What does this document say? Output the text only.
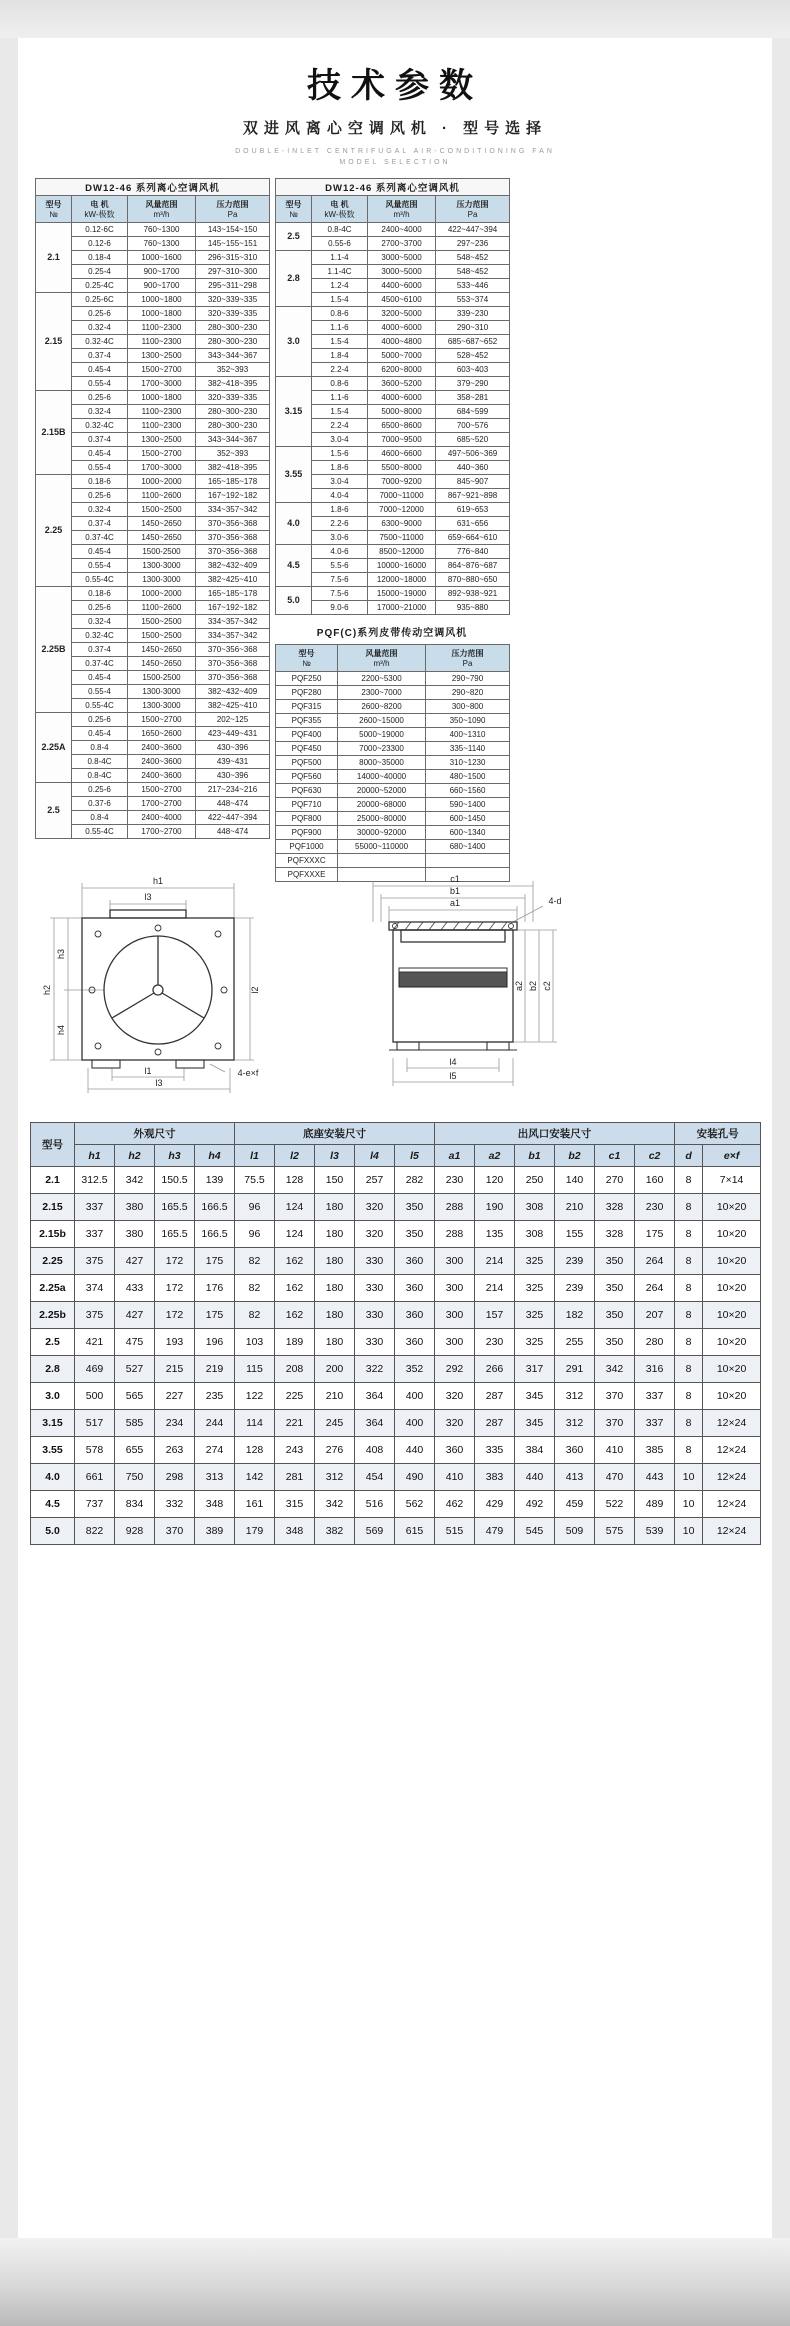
技术参数
双进风离心空调风机 · 型号选择
DOUBLE-INLET CENTRIFUGAL AIR-CONDITIONING FAN
MODEL SELECTION
DW12-46 系列离心空调风机			

型号
№

电 机
kW-极数

风量范围
m³/h

压力范围
Pa

2.1	0.12-6C	760~1300	143~154~150
	0.12-6	760~1300	145~155~151
	0.18-4	1000~1600	296~315~310
	0.25-4	900~1700	297~310~300
	0.25-4C	900~1700	295~311~298
2.15	0.25-6C	1000~1800	320~339~335
	0.25-6	1000~1800	320~339~335
	0.32-4	1100~2300	280~300~230
	0.32-4C	1100~2300	280~300~230
	0.37-4	1300~2500	343~344~367
	0.45-4	1500~2700	352~393
	0.55-4	1700~3000	382~418~395
2.15B	0.25-6	1000~1800	320~339~335
	0.32-4	1100~2300	280~300~230
	0.32-4C	1100~2300	280~300~230
	0.37-4	1300~2500	343~344~367
	0.45-4	1500~2700	352~393
	0.55-4	1700~3000	382~418~395
2.25	0.18-6	1000~2000	165~185~178
	0.25-6	1100~2600	167~192~182
	0.32-4	1500~2500	334~357~342
	0.37-4	1450~2650	370~356~368
	0.37-4C	1450~2650	370~356~368
	0.45-4	1500-2500	370~356~368
	0.55-4	1300-3000	382~432~409
	0.55-4C	1300-3000	382~425~410
2.25B	0.18-6	1000~2000	165~185~178
	0.25-6	1100~2600	167~192~182
	0.32-4	1500~2500	334~357~342
	0.32-4C	1500~2500	334~357~342
	0.37-4	1450~2650	370~356~368
	0.37-4C	1450~2650	370~356~368
	0.45-4	1500-2500	370~356~368
	0.55-4	1300-3000	382~432~409
	0.55-4C	1300-3000	382~425~410
2.25A	0.25-6	1500~2700	202~125
	0.45-4	1650~2600	423~449~431
	0.8-4	2400~3600	430~396
	0.8-4C	2400~3600	439~431
	0.8-4C	2400~3600	430~396
2.5	0.25-6	1500~2700	217~234~216
	0.37-6	1700~2700	448~474
	0.8-4	2400~4000	422~447~394
	0.55-4C	1700~2700	448~474
DW12-46 系列离心空调风机			

型号
№

电 机
kW-极数

风量范围
m³/h

压力范围
Pa

2.5	0.8-4C	2400~4000	422~447~394
	0.55-6	2700~3700	297~236
2.8	1.1-4	3000~5000	548~452
	1.1-4C	3000~5000	548~452
	1.2-4	4400~6000	533~446
	1.5-4	4500~6100	553~374
3.0	0.8-6	3200~5000	339~230
	1.1-6	4000~6000	290~310
	1.5-4	4000~4800	685~687~652
	1.8-4	5000~7000	528~452
	2.2-4	6200~8000	603~403
3.15	0.8-6	3600~5200	379~290
	1.1-6	4000~6000	358~281
	1.5-4	5000~8000	684~599
	2.2-4	6500~8600	700~576
	3.0-4	7000~9500	685~520
3.55	1.5-6	4600~6600	497~506~369
	1.8-6	5500~8000	440~360
	3.0-4	7000~9200	845~907
	4.0-4	7000~11000	867~921~898
4.0	1.8-6	7000~12000	619~653
	2.2-6	6300~9000	631~656
	3.0-6	7500~11000	659~664~610
4.5	4.0-6	8500~12000	776~840
	5.5-6	10000~16000	864~876~687
	7.5-6	12000~18000	870~880~650
5.0	7.5-6	15000~19000	892~938~921
	9.0-6	17000~21000	935~880
PQF(C)系列皮带传动空调风机
型号
№

风量范围
m³/h

压力范围
Pa

PQF250	2200~5300	290~790
PQF280	2300~7000	290~820
PQF315	2600~8200	300~800
PQF355	2600~15000	350~1090
PQF400	5000~19000	400~1310
PQF450	7000~23300	335~1140
PQF500	8000~35000	310~1230
PQF560	14000~40000	480~1500
PQF630	20000~52000	660~1560
PQF710	20000~68000	590~1400
PQF800	25000~80000	600~1450
PQF900	30000~92000	600~1340
PQF1000	55000~110000	680~1400
PQFXXXC		
PQFXXXE		
h1
l3
h2
h3
h4
l2
l1
l3
4-e×f
c1
b1
a1	4-d
a2 b2 c2
l4
l5
型号	外观尺寸				底座安装尺寸					出风口安装尺寸						安装孔号	
	h1	h2	h3	h4	l1	l2	l3	l4	l5	a1	a2	b1	b2	c1	c2	d	e×f
2.1	312.5	342	150.5	139	75.5	128	150	257	282	230	120	250	140	270	160	8	7×14
2.15	337	380	165.5	166.5	96	124	180	320	350	288	190	308	210	328	230	8	10×20
2.15b	337	380	165.5	166.5	96	124	180	320	350	288	135	308	155	328	175	8	10×20
2.25	375	427	172	175	82	162	180	330	360	300	214	325	239	350	264	8	10×20
2.25a	374	433	172	176	82	162	180	330	360	300	214	325	239	350	264	8	10×20
2.25b	375	427	172	175	82	162	180	330	360	300	157	325	182	350	207	8	10×20
2.5	421	475	193	196	103	189	180	330	360	300	230	325	255	350	280	8	10×20
2.8	469	527	215	219	115	208	200	322	352	292	266	317	291	342	316	8	10×20
3.0	500	565	227	235	122	225	210	364	400	320	287	345	312	370	337	8	10×20
3.15	517	585	234	244	114	221	245	364	400	320	287	345	312	370	337	8	12×24
3.55	578	655	263	274	128	243	276	408	440	360	335	384	360	410	385	8	12×24
4.0	661	750	298	313	142	281	312	454	490	410	383	440	413	470	443	10	12×24
4.5	737	834	332	348	161	315	342	516	562	462	429	492	459	522	489	10	12×24
5.0	822	928	370	389	179	348	382	569	615	515	479	545	509	575	539	10	12×24
